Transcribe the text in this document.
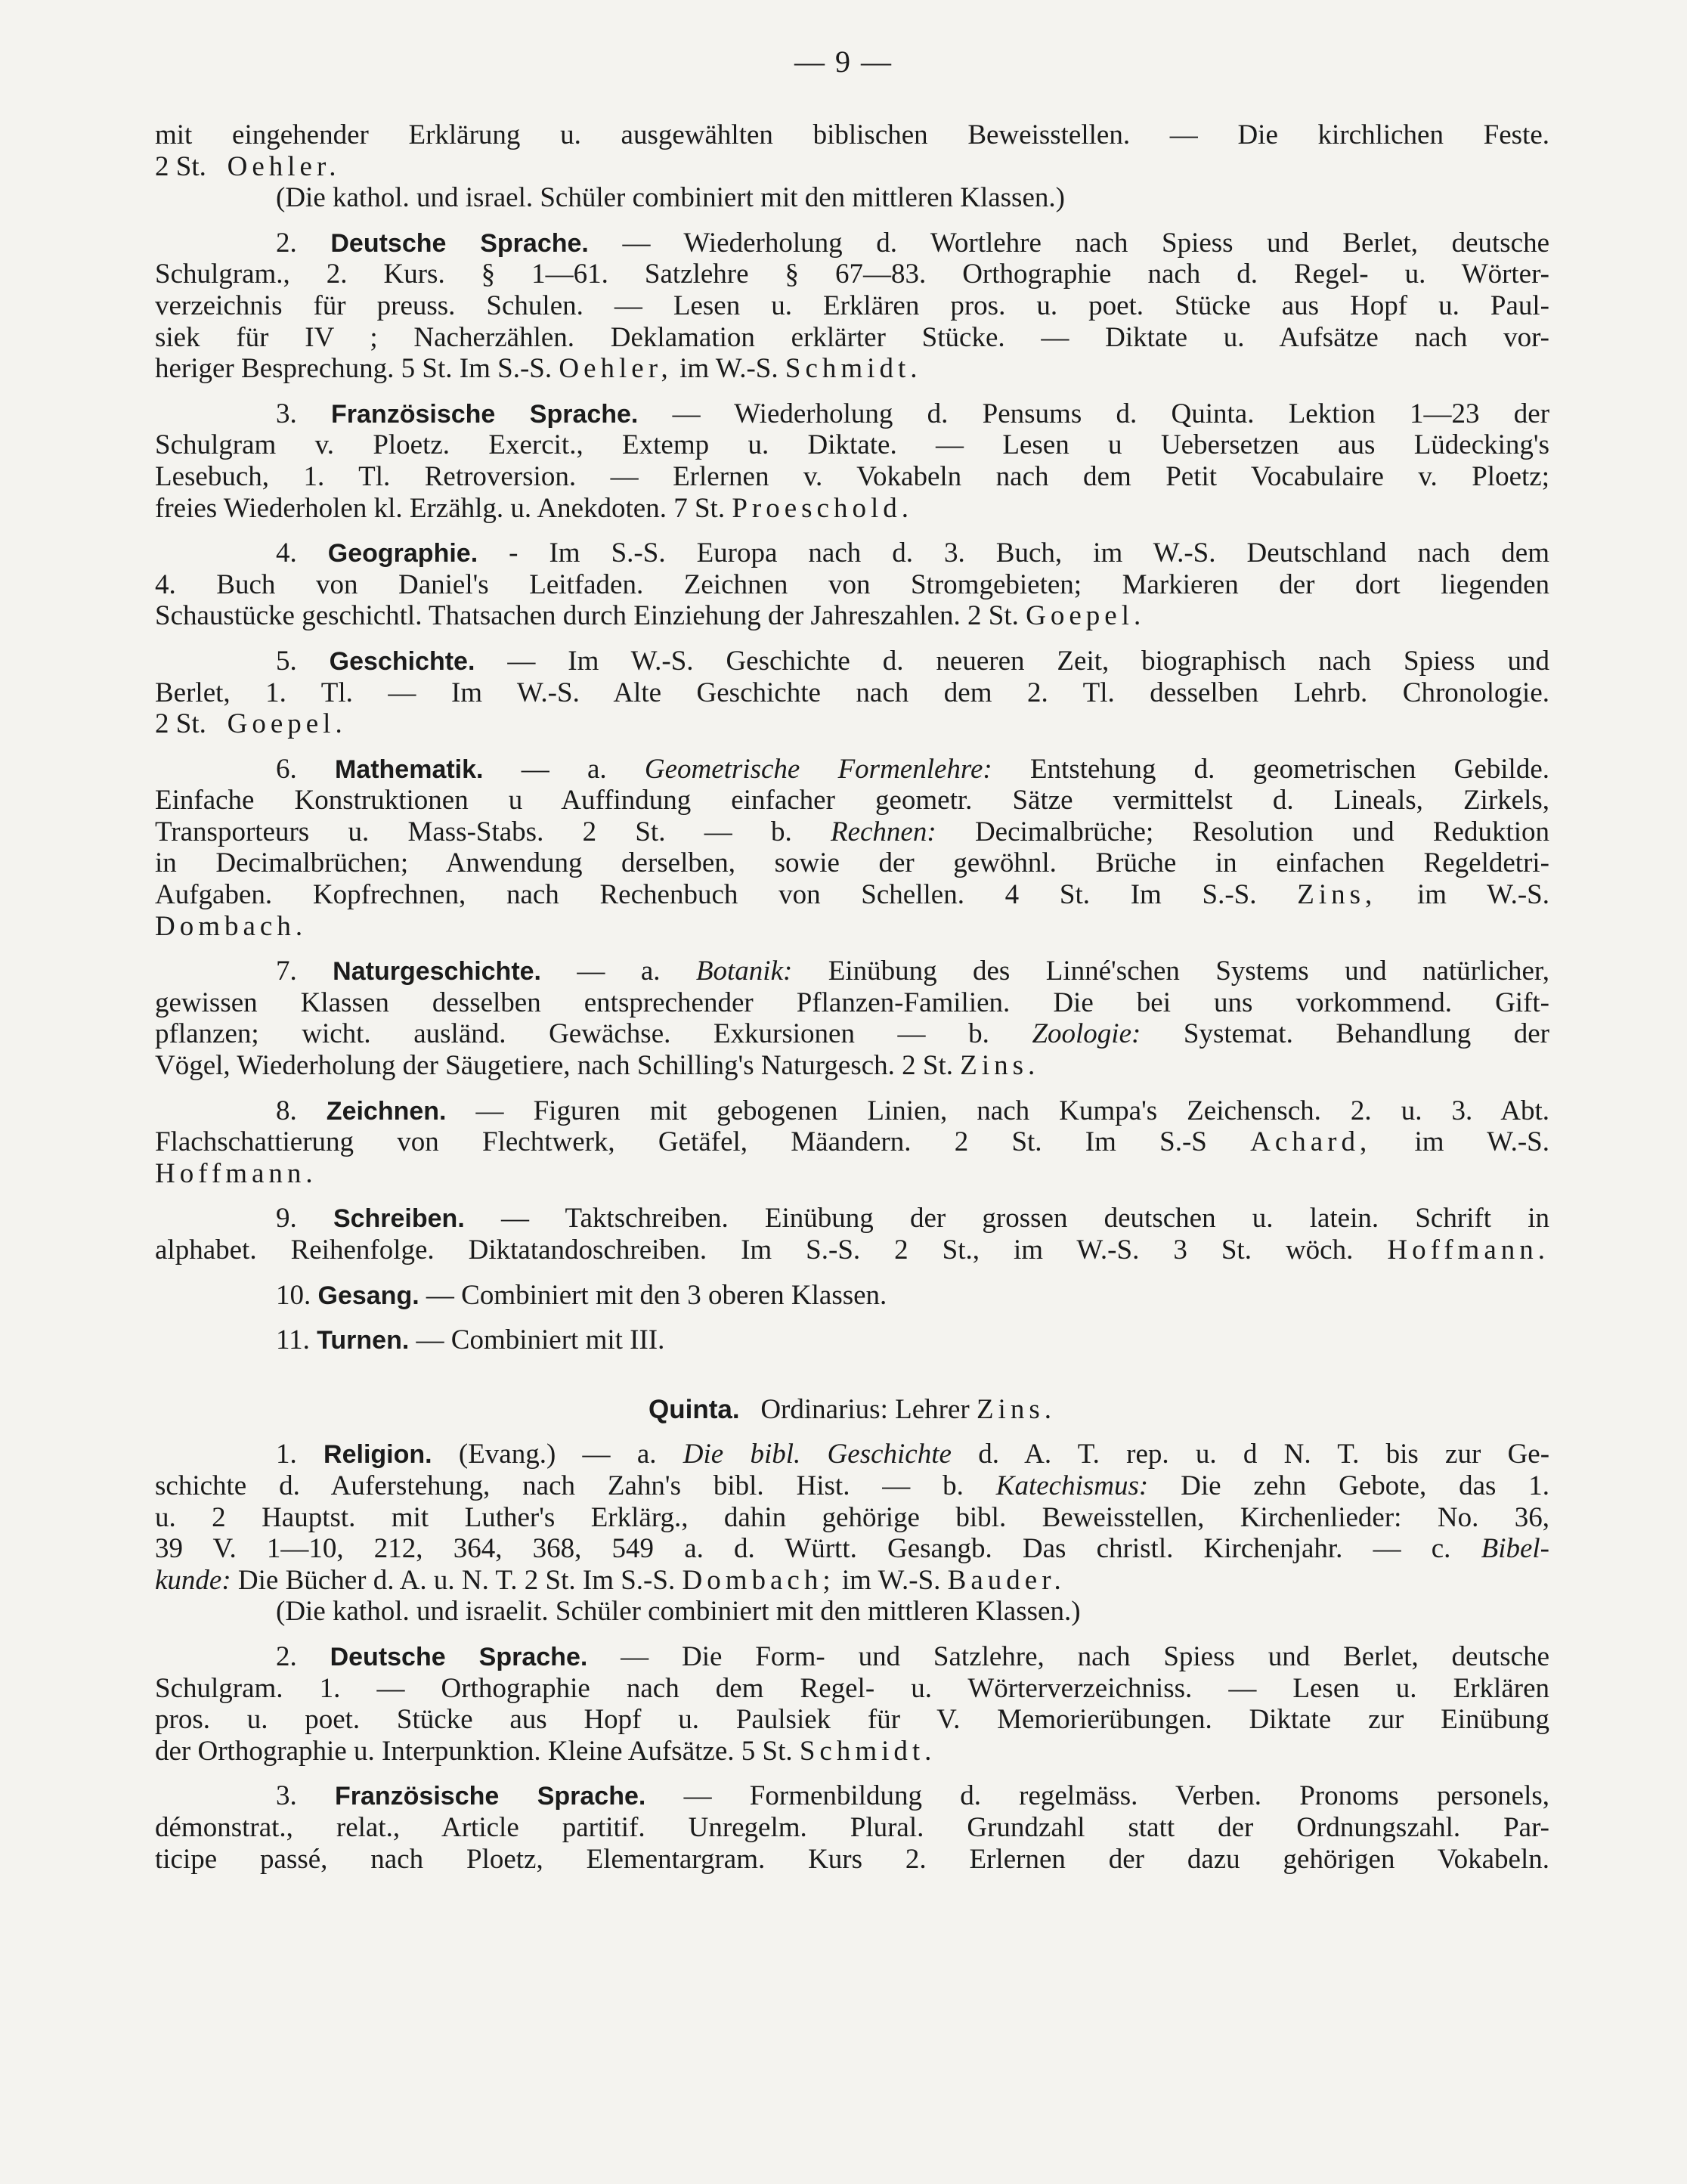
— 9 —
mit eingehender Erklärung u. ausgewählten biblischen Beweisstellen. — Die kirchlichen Feste.
2 St. Oehler.
(Die kathol. und israel. Schüler combiniert mit den mittleren Klassen.)
2. Deutsche Sprache. — Wiederholung d. Wortlehre nach Spiess und Berlet, deutsche
Schulgram., 2. Kurs. § 1—61. Satzlehre § 67—83. Orthographie nach d. Regel- u. Wörter-
verzeichnis für preuss. Schulen. — Lesen u. Erklären pros. u. poet. Stücke aus Hopf u. Paul-
siek für IV ; Nacherzählen. Deklamation erklärter Stücke. — Diktate u. Aufsätze nach vor-
heriger Besprechung. 5 St. Im S.-S. Oehler, im W.-S. Schmidt.
3. Französische Sprache. — Wiederholung d. Pensums d. Quinta. Lektion 1—23 der
Schulgram v. Ploetz. Exercit., Extemp u. Diktate. — Lesen u Uebersetzen aus Lüdecking's
Lesebuch, 1. Tl. Retroversion. — Erlernen v. Vokabeln nach dem Petit Vocabulaire v. Ploetz;
freies Wiederholen kl. Erzählg. u. Anekdoten. 7 St. Proeschold.
4. Geographie. - Im S.-S. Europa nach d. 3. Buch, im W.-S. Deutschland nach dem
4. Buch von Daniel's Leitfaden. Zeichnen von Stromgebieten; Markieren der dort liegenden
Schaustücke geschichtl. Thatsachen durch Einziehung der Jahreszahlen. 2 St. Goepel.
5. Geschichte. — Im W.-S. Geschichte d. neueren Zeit, biographisch nach Spiess und
Berlet, 1. Tl. — Im W.-S. Alte Geschichte nach dem 2. Tl. desselben Lehrb. Chronologie.
2 St. Goepel.
6. Mathematik. — a. Geometrische Formenlehre: Entstehung d. geometrischen Gebilde.
Einfache Konstruktionen u Auffindung einfacher geometr. Sätze vermittelst d. Lineals, Zirkels,
Transporteurs u. Mass-Stabs. 2 St. — b. Rechnen: Decimalbrüche; Resolution und Reduktion
in Decimalbrüchen; Anwendung derselben, sowie der gewöhnl. Brüche in einfachen Regeldetri-
Aufgaben. Kopfrechnen, nach Rechenbuch von Schellen. 4 St. Im S.-S. Zins, im W.-S.
Dombach.
7. Naturgeschichte. — a. Botanik: Einübung des Linné'schen Systems und natürlicher,
gewissen Klassen desselben entsprechender Pflanzen-Familien. Die bei uns vorkommend. Gift-
pflanzen; wicht. ausländ. Gewächse. Exkursionen — b. Zoologie: Systemat. Behandlung der
Vögel, Wiederholung der Säugetiere, nach Schilling's Naturgesch. 2 St. Zins.
8. Zeichnen. — Figuren mit gebogenen Linien, nach Kumpa's Zeichensch. 2. u. 3. Abt.
Flachschattierung von Flechtwerk, Getäfel, Mäandern. 2 St. Im S.-S Achard, im W.-S.
Hoffmann.
9. Schreiben. — Taktschreiben. Einübung der grossen deutschen u. latein. Schrift in
alphabet. Reihenfolge. Diktatandoschreiben. Im S.-S. 2 St., im W.-S. 3 St. wöch. Hoffmann.
10. Gesang. — Combiniert mit den 3 oberen Klassen.
11. Turnen. — Combiniert mit III.
Quinta. Ordinarius: Lehrer Zins.
1. Religion. (Evang.) — a. Die bibl. Geschichte d. A. T. rep. u. d N. T. bis zur Ge-
schichte d. Auferstehung, nach Zahn's bibl. Hist. — b. Katechismus: Die zehn Gebote, das 1.
u. 2 Hauptst. mit Luther's Erklärg., dahin gehörige bibl. Beweisstellen, Kirchenlieder: No. 36,
39 V. 1—10, 212, 364, 368, 549 a. d. Württ. Gesangb. Das christl. Kirchenjahr. — c. Bibel-
kunde: Die Bücher d. A. u. N. T. 2 St. Im S.-S. Dombach; im W.-S. Bauder.
(Die kathol. und israelit. Schüler combiniert mit den mittleren Klassen.)
2. Deutsche Sprache. — Die Form- und Satzlehre, nach Spiess und Berlet, deutsche
Schulgram. 1. — Orthographie nach dem Regel- u. Wörterverzeichniss. — Lesen u. Erklären
pros. u. poet. Stücke aus Hopf u. Paulsiek für V. Memorierübungen. Diktate zur Einübung
der Orthographie u. Interpunktion. Kleine Aufsätze. 5 St. Schmidt.
3. Französische Sprache. — Formenbildung d. regelmäss. Verben. Pronoms personels,
démonstrat., relat., Article partitif. Unregelm. Plural. Grundzahl statt der Ordnungszahl. Par-
ticipe passé, nach Ploetz, Elementargram. Kurs 2. Erlernen der dazu gehörigen Vokabeln.
